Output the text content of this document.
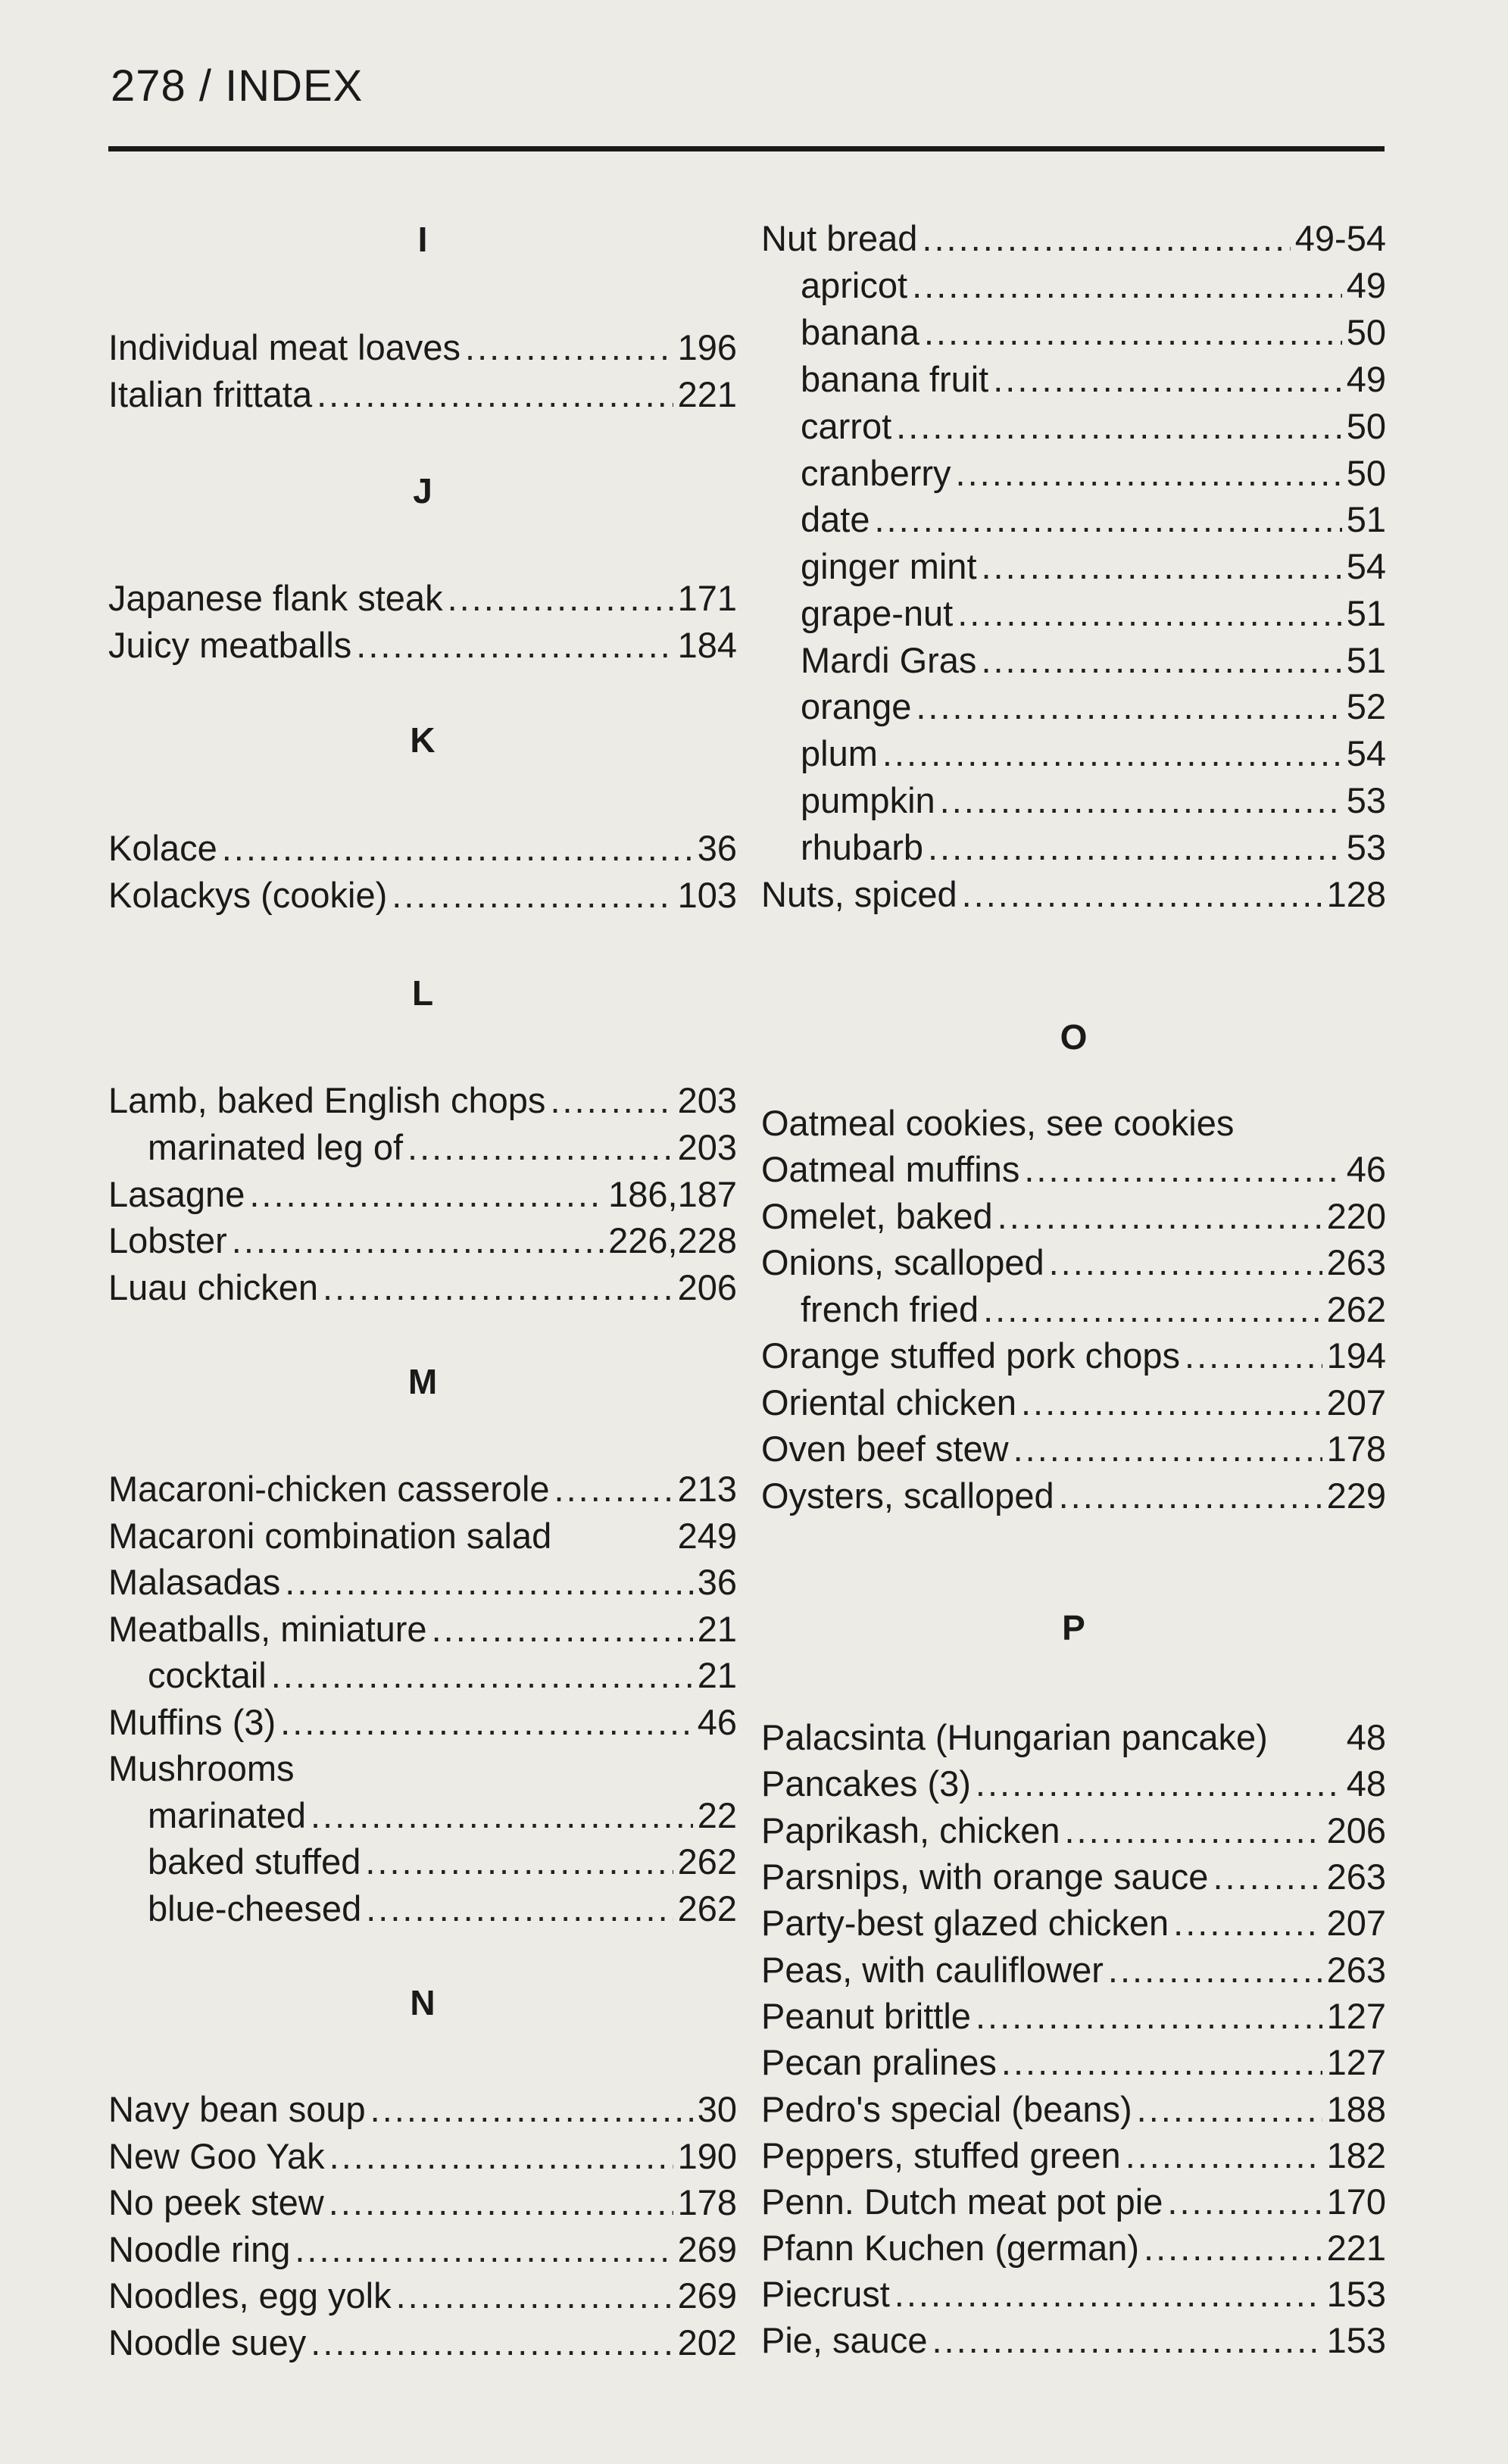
278 / INDEX
I
Individual meat loaves .....	196
Italian frittata .....	221
J
Japanese flank steak .....	171
Juicy meatballs .....	184
K
Kolace .....	36
Kolackys (cookie) .....	103
L
Lamb, baked English chops .....	203
marinated leg of .....	203
Lasagne .....	186,187
Lobster .....	226,228
Luau chicken .....	206
M
Macaroni-chicken casserole .....	213
Macaroni combination salad	249
Malasadas .....	36
Meatballs, miniature .....	21
cocktail .....	21
Muffins (3) .....	46
Mushrooms
marinated .....	22
baked stuffed .....	262
blue-cheesed .....	262
N
Navy bean soup .....	30
New Goo Yak .....	190
No peek stew .....	178
Noodle ring .....	269
Noodles, egg yolk .....	269
Noodle suey .....	202
Nut bread .....	49-54
apricot .....	49
banana .....	50
banana fruit .....	49
carrot .....	50
cranberry .....	50
date .....	51
ginger mint .....	54
grape-nut .....	51
Mardi Gras .....	51
orange .....	52
plum .....	54
pumpkin .....	53
rhubarb .....	53
Nuts, spiced .....	128
O
Oatmeal cookies, see cookies
Oatmeal muffins .....	46
Omelet, baked .....	220
Onions, scalloped .....	263
french fried .....	262
Orange stuffed pork chops .....	194
Oriental chicken .....	207
Oven beef stew .....	178
Oysters, scalloped .....	229
P
Palacsinta (Hungarian pancake) 48
Pancakes (3) .....	48
Paprikash, chicken .....	206
Parsnips, with orange sauce .....	263
Party-best glazed chicken .....	207
Peas, with cauliflower .....	263
Peanut brittle .....	127
Pecan pralines .....	127
Pedro's special (beans) .....	188
Peppers, stuffed green .....	182
Penn. Dutch meat pot pie .....	170
Pfann Kuchen (german) .....	221
Piecrust .....	153
Pie, sauce .....	153
